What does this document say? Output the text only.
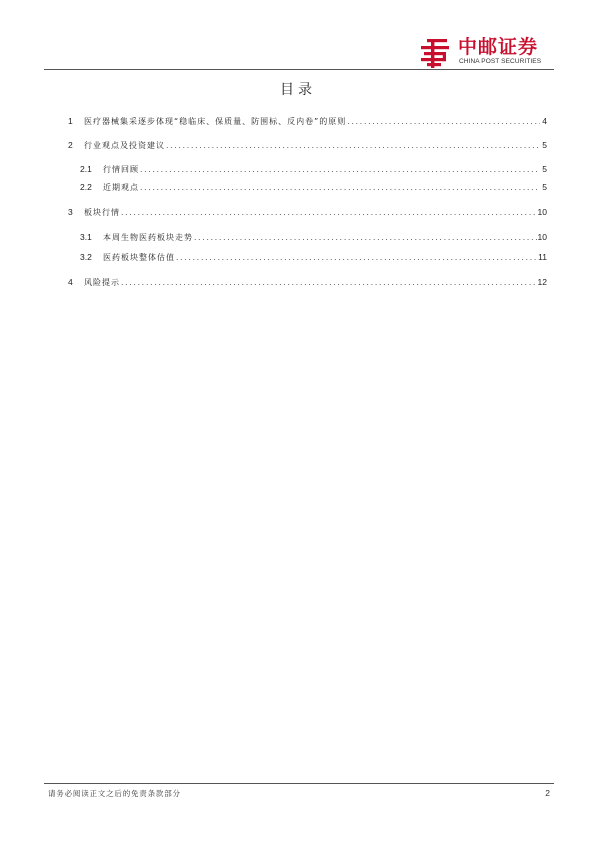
中邮证券
CHINA POST SECURITIES
目录
1	医疗器械集采逐步体现“稳临床、保质量、防围标、反内卷”的原则 .....	4
2	行业观点及投资建议 .....	5
2.1	行情回顾 .....	5
2.2	近期观点 .....	5
3	板块行情 .....	10
3.1	本周生物医药板块走势 .....	10
3.2	医药板块整体估值 .....	11
4	风险提示 .....	12
请务必阅读正文之后的免责条款部分	2
